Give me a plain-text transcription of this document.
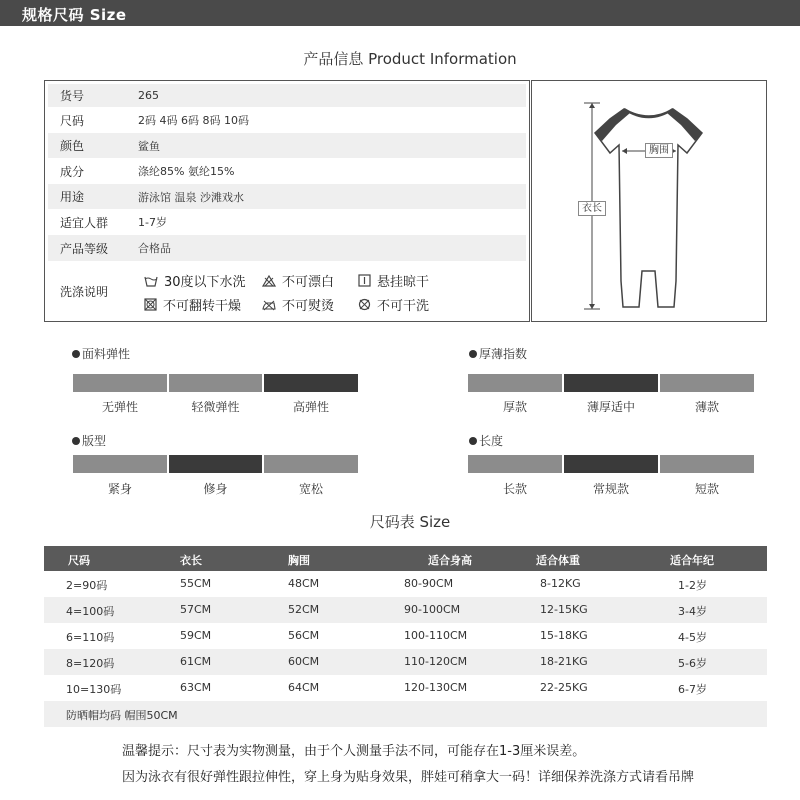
规格尺码 Size
产品信息 Product Information
货号	265
尺码	2码 4码 6码 8码 10码
颜色	鲨鱼
成分	涤纶85% 氨纶15%
用途	游泳馆 温泉 沙滩戏水
适宜人群	1-7岁
产品等级	合格品
洗涤说明
30度以下水洗	不可漂白	悬挂晾干
不可翻转干燥	不可熨烫	不可干洗
胸围
衣长
面料弹性
无弹性	轻微弹性	高弹性
厚薄指数
厚款	薄厚适中	薄款
版型
紧身	修身	宽松
长度
长款	常规款	短款
尺码表 Size
尺码	衣长	胸围	适合身高	适合体重	适合年纪
2=90码	55CM	48CM	80-90CM	8-12KG	1-2岁
4=100码	57CM	52CM	90-100CM	12-15KG	3-4岁
6=110码	59CM	56CM	100-110CM	15-18KG	4-5岁
8=120码	61CM	60CM	110-120CM	18-21KG	5-6岁
10=130码	63CM	64CM	120-130CM	22-25KG	6-7岁
防晒帽均码 帽围50CM
温馨提示：尺寸表为实物测量，由于个人测量手法不同，可能存在1-3厘米误差。
因为泳衣有很好弹性跟拉伸性，穿上身为贴身效果，胖娃可稍拿大一码！详细保养洗涤方式请看吊牌
